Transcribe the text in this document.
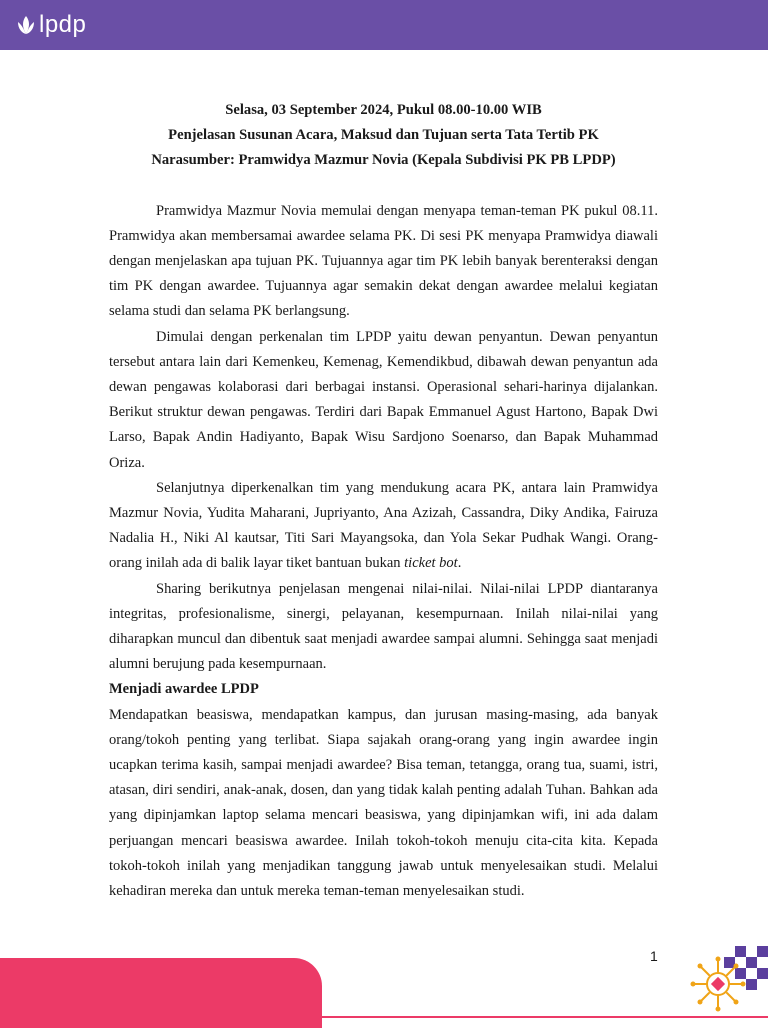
lpdp

Selasa, 03 September 2024, Pukul 08.00-10.00 WIB

Penjelasan Susunan Acara, Maksud dan Tujuan serta Tata Tertib PK

Narasumber: Pramwidya Mazmur Novia (Kepala Subdivisi PK PB LPDP)

Pramwidya Mazmur Novia memulai dengan menyapa teman-teman PK pukul 08.11. Pramwidya akan membersamai awardee selama PK. Di sesi PK menyapa Pramwidya diawali dengan menjelaskan apa tujuan PK. Tujuannya agar tim PK lebih banyak berenteraksi dengan tim PK dengan awardee. Tujuannya agar semakin dekat dengan awardee melalui kegiatan selama studi dan selama PK berlangsung.

Dimulai dengan perkenalan tim LPDP yaitu dewan penyantun. Dewan penyantun tersebut antara lain dari Kemenkeu, Kemenag, Kemendikbud, dibawah dewan penyantun ada dewan pengawas kolaborasi dari berbagai instansi. Operasional sehari-harinya dijalankan. Berikut struktur dewan pengawas. Terdiri dari Bapak Emmanuel Agust Hartono, Bapak Dwi Larso, Bapak Andin Hadiyanto, Bapak Wisu Sardjono Soenarso, dan Bapak Muhammad Oriza.

Selanjutnya diperkenalkan tim yang mendukung acara PK, antara lain Pramwidya Mazmur Novia, Yudita Maharani, Jupriyanto, Ana Azizah, Cassandra, Diky Andika, Fairuza Nadalia H., Niki Al kautsar, Titi Sari Mayangsoka, dan Yola Sekar Pudhak Wangi. Orang-orang inilah ada di balik layar tiket bantuan bukan ticket bot.

Sharing berikutnya penjelasan mengenai nilai-nilai. Nilai-nilai LPDP diantaranya integritas, profesionalisme, sinergi, pelayanan, kesempurnaan. Inilah nilai-nilai yang diharapkan muncul dan dibentuk saat menjadi awardee sampai alumni. Sehingga saat menjadi alumni berujung pada kesempurnaan.

Menjadi awardee LPDP

Mendapatkan beasiswa, mendapatkan kampus, dan jurusan masing-masing, ada banyak orang/tokoh penting yang terlibat. Siapa sajakah orang-orang yang ingin awardee ingin ucapkan terima kasih, sampai menjadi awardee? Bisa teman, tetangga, orang tua, suami, istri, atasan, diri sendiri, anak-anak, dosen, dan yang tidak kalah penting adalah Tuhan. Bahkan ada yang dipinjamkan laptop selama mencari beasiswa, yang dipinjamkan wifi, ini ada dalam perjuangan mencari beasiswa awardee. Inilah tokoh-tokoh menuju cita-cita kita. Kepada tokoh-tokoh inilah yang menjadikan tanggung jawab untuk menyelesaikan studi. Melalui kehadiran mereka dan untuk mereka teman-teman menyelesaikan studi.

1
